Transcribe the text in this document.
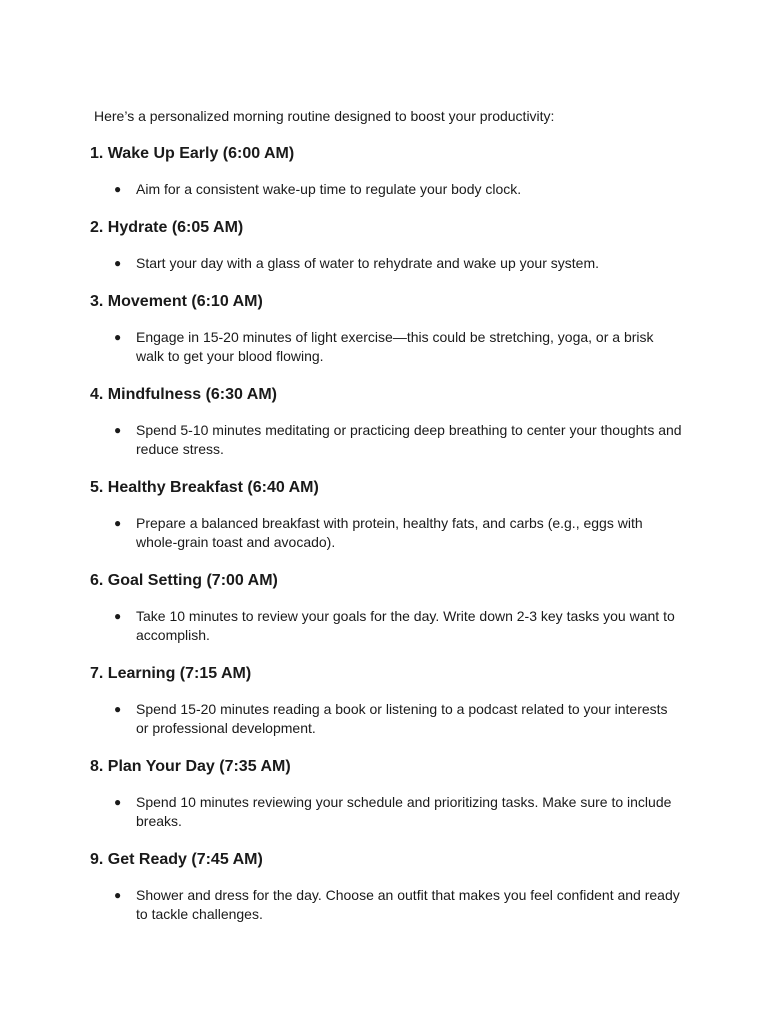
Here’s a personalized morning routine designed to boost your productivity:

1. Wake Up Early (6:00 AM)
● Aim for a consistent wake-up time to regulate your body clock.
2. Hydrate (6:05 AM)
● Start your day with a glass of water to rehydrate and wake up your system.
3. Movement (6:10 AM)
● Engage in 15-20 minutes of light exercise—this could be stretching, yoga, or a brisk walk to get your blood flowing.
4. Mindfulness (6:30 AM)
● Spend 5-10 minutes meditating or practicing deep breathing to center your thoughts and reduce stress.
5. Healthy Breakfast (6:40 AM)
● Prepare a balanced breakfast with protein, healthy fats, and carbs (e.g., eggs with whole-grain toast and avocado).
6. Goal Setting (7:00 AM)
● Take 10 minutes to review your goals for the day. Write down 2-3 key tasks you want to accomplish.
7. Learning (7:15 AM)
● Spend 15-20 minutes reading a book or listening to a podcast related to your interests or professional development.
8. Plan Your Day (7:35 AM)
● Spend 10 minutes reviewing your schedule and prioritizing tasks. Make sure to include breaks.
9. Get Ready (7:45 AM)
● Shower and dress for the day. Choose an outfit that makes you feel confident and ready to tackle challenges.
